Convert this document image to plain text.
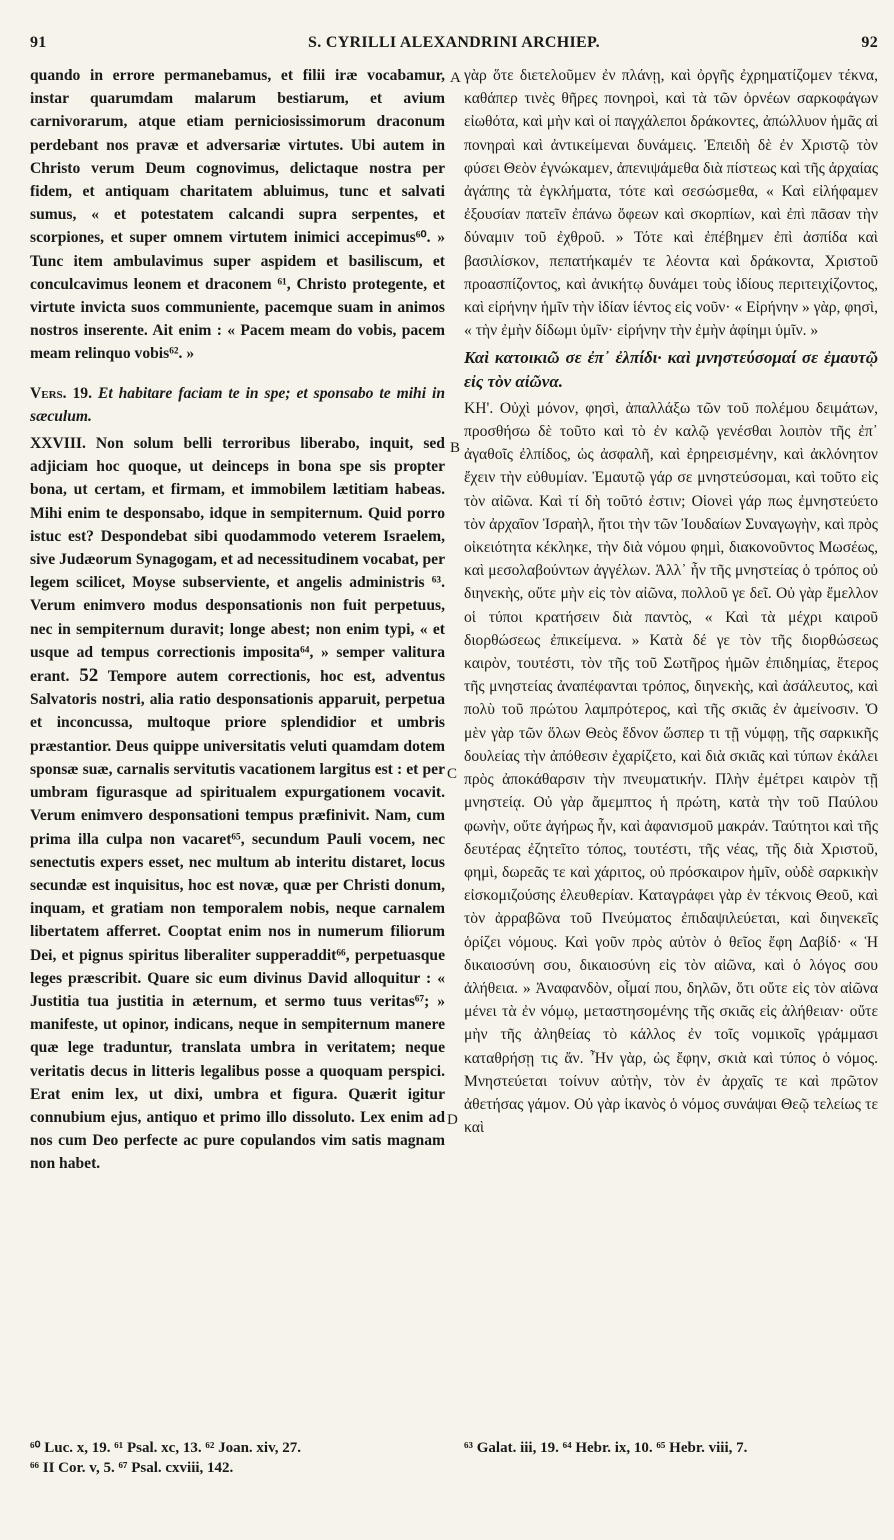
91	S. CYRILLI ALEXANDRINI ARCHIEP.	92
A
B
C
D

quando in errore permanebamus, et filii iræ vocabamur, instar quarumdam malarum bestiarum, et avium carnivorarum, atque etiam perniciosissimorum draconum perdebant nos pravæ et adversariæ virtutes. Ubi autem in Christo verum Deum cognovimus, delictaque nostra per fidem, et antiquam charitatem abluimus, tunc et salvati sumus, « et potestatem calcandi supra serpentes, et scorpiones, et super omnem virtutem inimici accepimus⁶⁰. » Tunc item ambulavimus super aspidem et basiliscum, et conculcavimus leonem et draconem ⁶¹, Christo protegente, et virtute invicta suos communiente, pacemque suam in animos nostros inserente. Ait enim : « Pacem meam do vobis, pacem meam relinquo vobis⁶². »

Vers. 19. Et habitare faciam te in spe; et sponsabo te mihi in sæculum.

XXVIII. Non solum belli terroribus liberabo, inquit, sed adjiciam hoc quoque, ut deinceps in bona spe sis propter bona, ut certam, et firmam, et immobilem lætitiam habeas. Mihi enim te desponsabo, idque in sempiternum. Quid porro istuc est? Despondebat sibi quodammodo veterem Israelem, sive Judæorum Synagogam, et ad necessitudinem vocabat, per legem scilicet, Moyse subserviente, et angelis administris ⁶³. Verum enimvero modus desponsationis non fuit perpetuus, nec in sempiternum duravit; longe abest; non enim typi, « et usque ad tempus correctionis imposita⁶⁴, » semper valitura erant. 52 Tempore autem correctionis, hoc est, adventus Salvatoris nostri, alia ratio desponsationis apparuit, perpetua et inconcussa, multoque priore splendidior et umbris præstantior. Deus quippe universitatis veluti quamdam dotem sponsæ suæ, carnalis servitutis vacationem largitus est : et per umbram figurasque ad spiritualem expurgationem vocavit. Verum enimvero desponsationi tempus præfinivit. Nam, cum prima illa culpa non vacaret⁶⁵, secundum Pauli vocem, nec senectutis expers esset, nec multum ab interitu distaret, locus secundæ est inquisitus, hoc est novæ, quæ per Christi donum, inquam, et gratiam non temporalem nobis, neque carnalem libertatem afferret. Cooptat enim nos in numerum filiorum Dei, et pignus spiritus liberaliter supperaddit⁶⁶, perpetuasque leges præscribit. Quare sic eum divinus David alloquitur : « Justitia tua justitia in æternum, et sermo tuus veritas⁶⁷; » manifeste, ut opinor, indicans, neque in sempiternum manere quæ lege traduntur, translata umbra in veritatem; neque veritatis decus in litteris legalibus posse a quoquam perspici. Erat enim lex, ut dixi, umbra et figura. Quærit igitur connubium ejus, antiquo et primo illo dissoluto. Lex enim ad nos cum Deo perfecte ac pure copulandos vim satis magnam non habet.

γὰρ ὅτε διετελοῦμεν ἐν πλάνῃ, καὶ ὀργῆς ἐχρηματίζομεν τέκνα, καθάπερ τινὲς θῆρες πονηροὶ, καὶ τὰ τῶν ὀρνέων σαρκοφάγων εἰωθότα, καὶ μὴν καὶ οἱ παγχάλεποι δράκοντες, ἀπώλλυον ἡμᾶς αἱ πονηραὶ καὶ ἀντικείμεναι δυνάμεις. Ἐπειδὴ δὲ ἐν Χριστῷ τὸν φύσει Θεὸν ἐγνώκαμεν, ἀπενιψάμεθα διὰ πίστεως καὶ τῆς ἀρχαίας ἀγάπης τὰ ἐγκλήματα, τότε καὶ σεσώσμεθα, « Καὶ εἰλήφαμεν ἐξουσίαν πατεῖν ἐπάνω ὄφεων καὶ σκορπίων, καὶ ἐπὶ πᾶσαν τὴν δύναμιν τοῦ ἐχθροῦ. » Τότε καὶ ἐπέβημεν ἐπὶ ἀσπίδα καὶ βασιλίσκον, πεπατήκαμέν τε λέοντα καὶ δράκοντα, Χριστοῦ προασπίζοντος, καὶ ἀνικήτῳ δυνάμει τοὺς ἰδίους περιτειχίζοντος, καὶ εἰρήνην ἡμῖν τὴν ἰδίαν ἱέντος εἰς νοῦν· « Εἰρήνην » γὰρ, φησὶ, « τὴν ἐμὴν δίδωμι ὑμῖν· εἰρήνην τὴν ἐμὴν ἀφίημι ὑμῖν. »

Καὶ κατοικιῶ σε ἐπ᾽ ἐλπίδι· καὶ μνηστεύσομαί σε ἐμαυτῷ εἰς τὸν αἰῶνα.

ΚΗ'. Οὐχὶ μόνον, φησὶ, ἀπαλλάξω τῶν τοῦ πολέμου δειμάτων, προσθήσω δὲ τοῦτο καὶ τὸ ἐν καλῷ γενέσθαι λοιπὸν τῆς ἐπ᾽ ἀγαθοῖς ἐλπίδος, ὡς ἀσφαλῆ, καὶ ἐρηρεισμένην, καὶ ἀκλόνητον ἔχειν τὴν εὐθυμίαν. Ἐμαυτῷ γάρ σε μνηστεύσομαι, καὶ τοῦτο εἰς τὸν αἰῶνα. Καὶ τί δὴ τοῦτό ἐστιν; Οἱονεὶ γάρ πως ἐμνηστεύετο τὸν ἀρχαῖον Ἰσραὴλ, ἤτοι τὴν τῶν Ἰουδαίων Συναγωγὴν, καὶ πρὸς οἰκειότητα κέκληκε, τὴν διὰ νόμου φημὶ, διακονοῦντος Μωσέως, καὶ μεσολαβούντων ἀγγέλων. Ἀλλ᾽ ἦν τῆς μνηστείας ὁ τρόπος οὐ διηνεκὴς, οὔτε μὴν εἰς τὸν αἰῶνα, πολλοῦ γε δεῖ. Οὐ γὰρ ἔμελλον οἱ τύποι κρατήσειν διὰ παντὸς, « Καὶ τὰ μέχρι καιροῦ διορθώσεως ἐπικείμενα. » Κατὰ δέ γε τὸν τῆς διορθώσεως καιρὸν, τουτέστι, τὸν τῆς τοῦ Σωτῆρος ἡμῶν ἐπιδημίας, ἕτερος τῆς μνηστείας ἀναπέφανται τρόπος, διηνεκὴς, καὶ ἀσάλευτος, καὶ πολὺ τοῦ πρώτου λαμπρότερος, καὶ τῆς σκιᾶς ἐν ἀμείνοσιν. Ὁ μὲν γὰρ τῶν ὅλων Θεὸς ἕδνον ὥσπερ τι τῇ νύμφῃ, τῆς σαρκικῆς δουλείας τὴν ἀπόθεσιν ἐχαρίζετο, καὶ διὰ σκιᾶς καὶ τύπων ἐκάλει πρὸς ἀποκάθαρσιν τὴν πνευματικήν. Πλὴν ἐμέτρει καιρὸν τῇ μνηστείᾳ. Οὐ γὰρ ἄμεμπτος ἡ πρώτη, κατὰ τὴν τοῦ Παύλου φωνὴν, οὔτε ἀγήρως ἦν, καὶ ἀφανισμοῦ μακράν. Ταύτητοι καὶ τῆς δευτέρας ἐζητεῖτο τόπος, τουτέστι, τῆς νέας, τῆς διὰ Χριστοῦ, φημὶ, δωρεᾶς τε καὶ χάριτος, οὐ πρόσκαιρον ἡμῖν, οὐδὲ σαρκικὴν εἰσκομιζούσης ἐλευθερίαν. Καταγράφει γὰρ ἐν τέκνοις Θεοῦ, καὶ τὸν ἀρραβῶνα τοῦ Πνεύματος ἐπιδαψιλεύεται, καὶ διηνεκεῖς ὁρίζει νόμους. Καὶ γοῦν πρὸς αὐτὸν ὁ θεῖος ἔφη Δαβίδ· « Ἡ δικαιοσύνη σου, δικαιοσύνη εἰς τὸν αἰῶνα, καὶ ὁ λόγος σου ἀλήθεια. » Ἀναφανδὸν, οἶμαί που, δηλῶν, ὅτι οὔτε εἰς τὸν αἰῶνα μένει τὰ ἐν νόμῳ, μεταστησομένης τῆς σκιᾶς εἰς ἀλήθειαν· οὔτε μὴν τῆς ἀληθείας τὸ κάλλος ἐν τοῖς νομικοῖς γράμμασι καταθρήσῃ τις ἄν. Ἦν γὰρ, ὡς ἔφην, σκιὰ καὶ τύπος ὁ νόμος. Μνηστεύεται τοίνυν αὐτὴν, τὸν ἐν ἀρχαῖς τε καὶ πρῶτον ἀθετήσας γάμον. Οὐ γὰρ ἱκανὸς ὁ νόμος συνάψαι Θεῷ τελείως τε καὶ

⁶⁰ Luc. x, 19. ⁶¹ Psal. xc, 13. ⁶² Joan. xiv, 27.
⁶⁶ II Cor. v, 5. ⁶⁷ Psal. cxviii, 142.
⁶³ Galat. iii, 19. ⁶⁴ Hebr. ix, 10. ⁶⁵ Hebr. viii, 7.
